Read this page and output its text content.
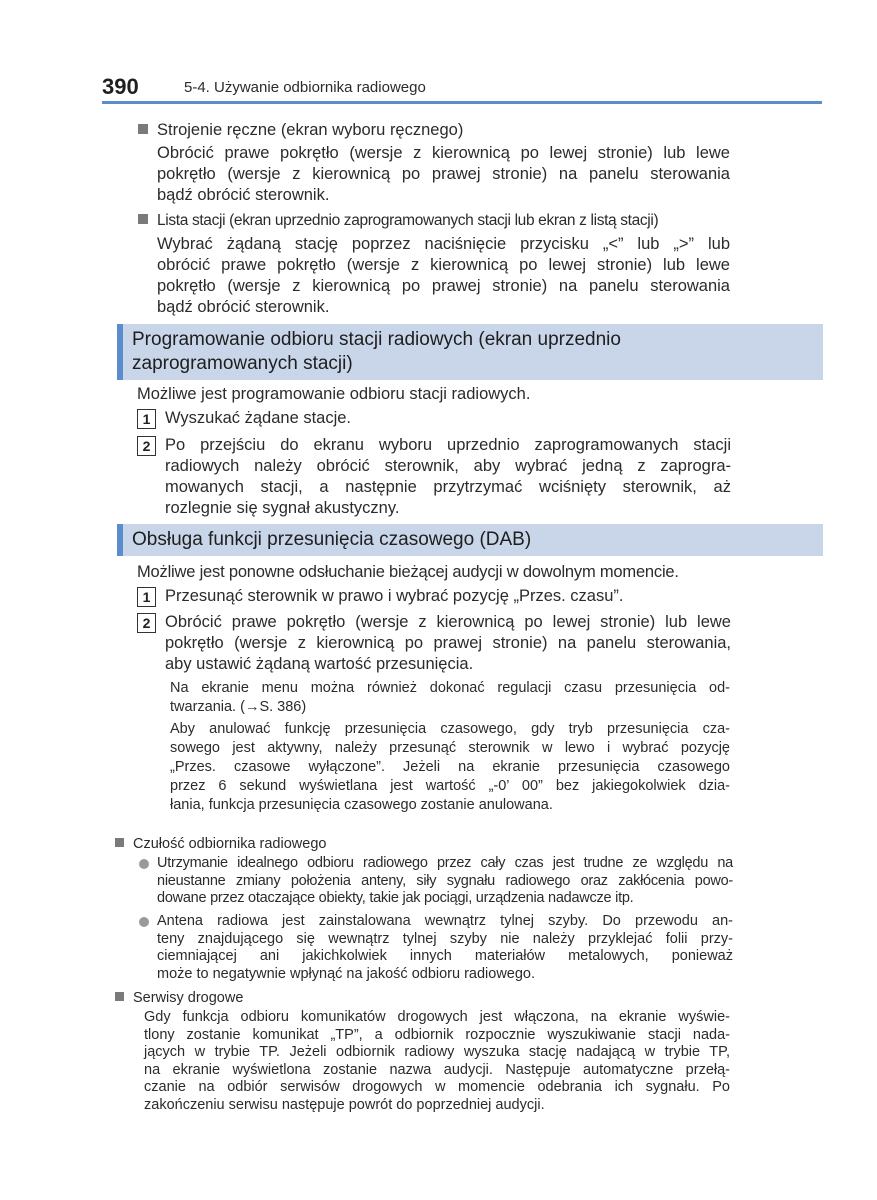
390	5-4. Używanie odbiornika radiowego
Strojenie ręczne (ekran wyboru ręcznego)
Obrócić prawe pokrętło (wersje z kierownicą po lewej stronie) lub lewe
pokrętło (wersje z kierownicą po prawej stronie) na panelu sterowania
bądź obrócić sterownik.
Lista stacji (ekran uprzednio zaprogramowanych stacji lub ekran z listą stacji)
Wybrać żądaną stację poprzez naciśnięcie przycisku „<” lub „>” lub
obrócić prawe pokrętło (wersje z kierownicą po lewej stronie) lub lewe
pokrętło (wersje z kierownicą po prawej stronie) na panelu sterowania
bądź obrócić sterownik.
Programowanie odbioru stacji radiowych (ekran uprzednio
zaprogramowanych stacji)
Możliwe jest programowanie odbioru stacji radiowych.
1 Wyszukać żądane stacje.
2 Po przejściu do ekranu wyboru uprzednio zaprogramowanych stacji
radiowych należy obrócić sterownik, aby wybrać jedną z zaprogra-
mowanych stacji, a następnie przytrzymać wciśnięty sterownik, aż
rozlegnie się sygnał akustyczny.
Obsługa funkcji przesunięcia czasowego (DAB)
Możliwe jest ponowne odsłuchanie bieżącej audycji w dowolnym momencie.
1 Przesunąć sterownik w prawo i wybrać pozycję „Przes. czasu”.
2 Obrócić prawe pokrętło (wersje z kierownicą po lewej stronie) lub lewe
pokrętło (wersje z kierownicą po prawej stronie) na panelu sterowania,
aby ustawić żądaną wartość przesunięcia.
Na ekranie menu można również dokonać regulacji czasu przesunięcia od-
twarzania. (→S. 386)
Aby anulować funkcję przesunięcia czasowego, gdy tryb przesunięcia cza-
sowego jest aktywny, należy przesunąć sterownik w lewo i wybrać pozycję
„Przes. czasowe wyłączone”. Jeżeli na ekranie przesunięcia czasowego
przez 6 sekund wyświetlana jest wartość „-0’ 00” bez jakiegokolwiek dzia-
łania, funkcja przesunięcia czasowego zostanie anulowana.
Czułość odbiornika radiowego
Utrzymanie idealnego odbioru radiowego przez cały czas jest trudne ze względu na
nieustanne zmiany położenia anteny, siły sygnału radiowego oraz zakłócenia powo-
dowane przez otaczające obiekty, takie jak pociągi, urządzenia nadawcze itp.
Antena radiowa jest zainstalowana wewnątrz tylnej szyby. Do przewodu an-
teny znajdującego się wewnątrz tylnej szyby nie należy przyklejać folii przy-
ciemniającej ani jakichkolwiek innych materiałów metalowych, ponieważ
może to negatywnie wpłynąć na jakość odbioru radiowego.
Serwisy drogowe
Gdy funkcja odbioru komunikatów drogowych jest włączona, na ekranie wyświe-
tlony zostanie komunikat „TP”, a odbiornik rozpocznie wyszukiwanie stacji nada-
jących w trybie TP. Jeżeli odbiornik radiowy wyszuka stację nadającą w trybie TP,
na ekranie wyświetlona zostanie nazwa audycji. Następuje automatyczne przełą-
czanie na odbiór serwisów drogowych w momencie odebrania ich sygnału. Po
zakończeniu serwisu następuje powrót do poprzedniej audycji.
